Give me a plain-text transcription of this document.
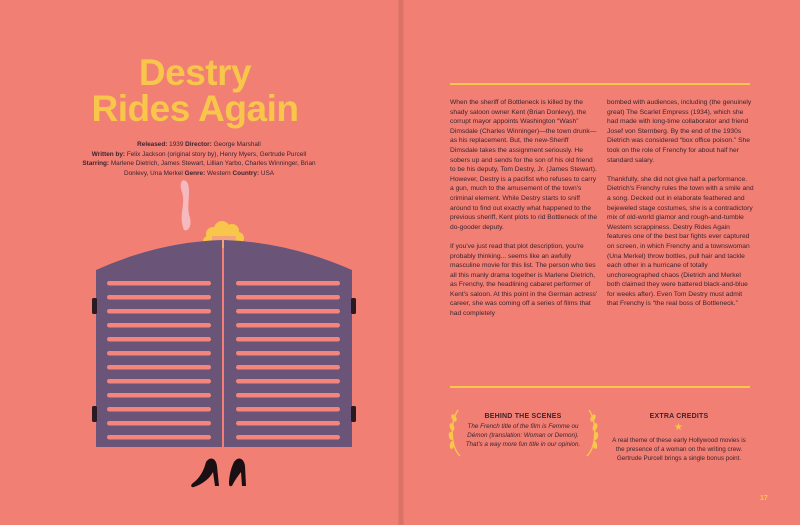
Destry
Rides Again
Released: 1939 Director: George Marshall
Written by: Felix Jackson (original story by), Henry Myers, Gertrude Purcell
Starring: Marlene Dietrich, James Stewart, Lillian Yarbo, Charles Winninger, Brian Donlevy, Una Merkel Genre: Western Country: USA

When the sheriff of Bottleneck is killed by the shady saloon owner Kent (Brian Donlevy), the corrupt mayor appoints Washington “Wash” Dimsdale (Charles Winninger)—the town drunk—as his replacement. But, the new-Sheriff Dimsdale takes the assignment seriously. He sobers up and sends for the son of his old friend to be his deputy, Tom Destry, Jr. (James Stewart). However, Destry is a pacifist who refuses to carry a gun, much to the amusement of the town's criminal element. While Destry starts to sniff around to find out exactly what happened to the previous sheriff, Kent plots to rid Bottleneck of the do-gooder deputy.

If you've just read that plot description, you're probably thinking... seems like an awfully masculine movie for this list. The person who ties all this manly drama together is Marlene Dietrich, as Frenchy, the headlining cabaret performer of Kent's saloon. At this point in the German actress' career, she was coming off a series of films that had completely

bombed with audiences, including (the genuinely great) The Scarlet Empress (1934), which she had made with long-time collaborator and friend Josef von Sternberg. By the end of the 1930s Dietrich was considered “box office poison.” She took on the role of Frenchy for about half her standard salary.

Thankfully, she did not give half a performance. Dietrich's Frenchy rules the town with a smile and a song. Decked out in elaborate feathered and bejeweled stage costumes, she is a contradictory mix of old-world glamor and rough-and-tumble Western scrappiness. Destry Rides Again features one of the best bar fights ever captured on screen, in which Frenchy and a townswoman (Una Merkel) throw bottles, pull hair and tackle each other in a hurricane of totally unchoreographed chaos (Dietrich and Merkel both claimed they were battered black-and-blue for weeks after). Even Tom Destry must admit that Frenchy is “the real boss of Bottleneck.”

BEHIND THE SCENES
The French title of the film is Femme ou Démon (translation: Woman or Demon). That's a way more fun title in our opinion.
EXTRA CREDITS
★
A real theme of these early Hollywood movies is the presence of a woman on the writing crew. Gertrude Purcell brings a single bonus point.
17
